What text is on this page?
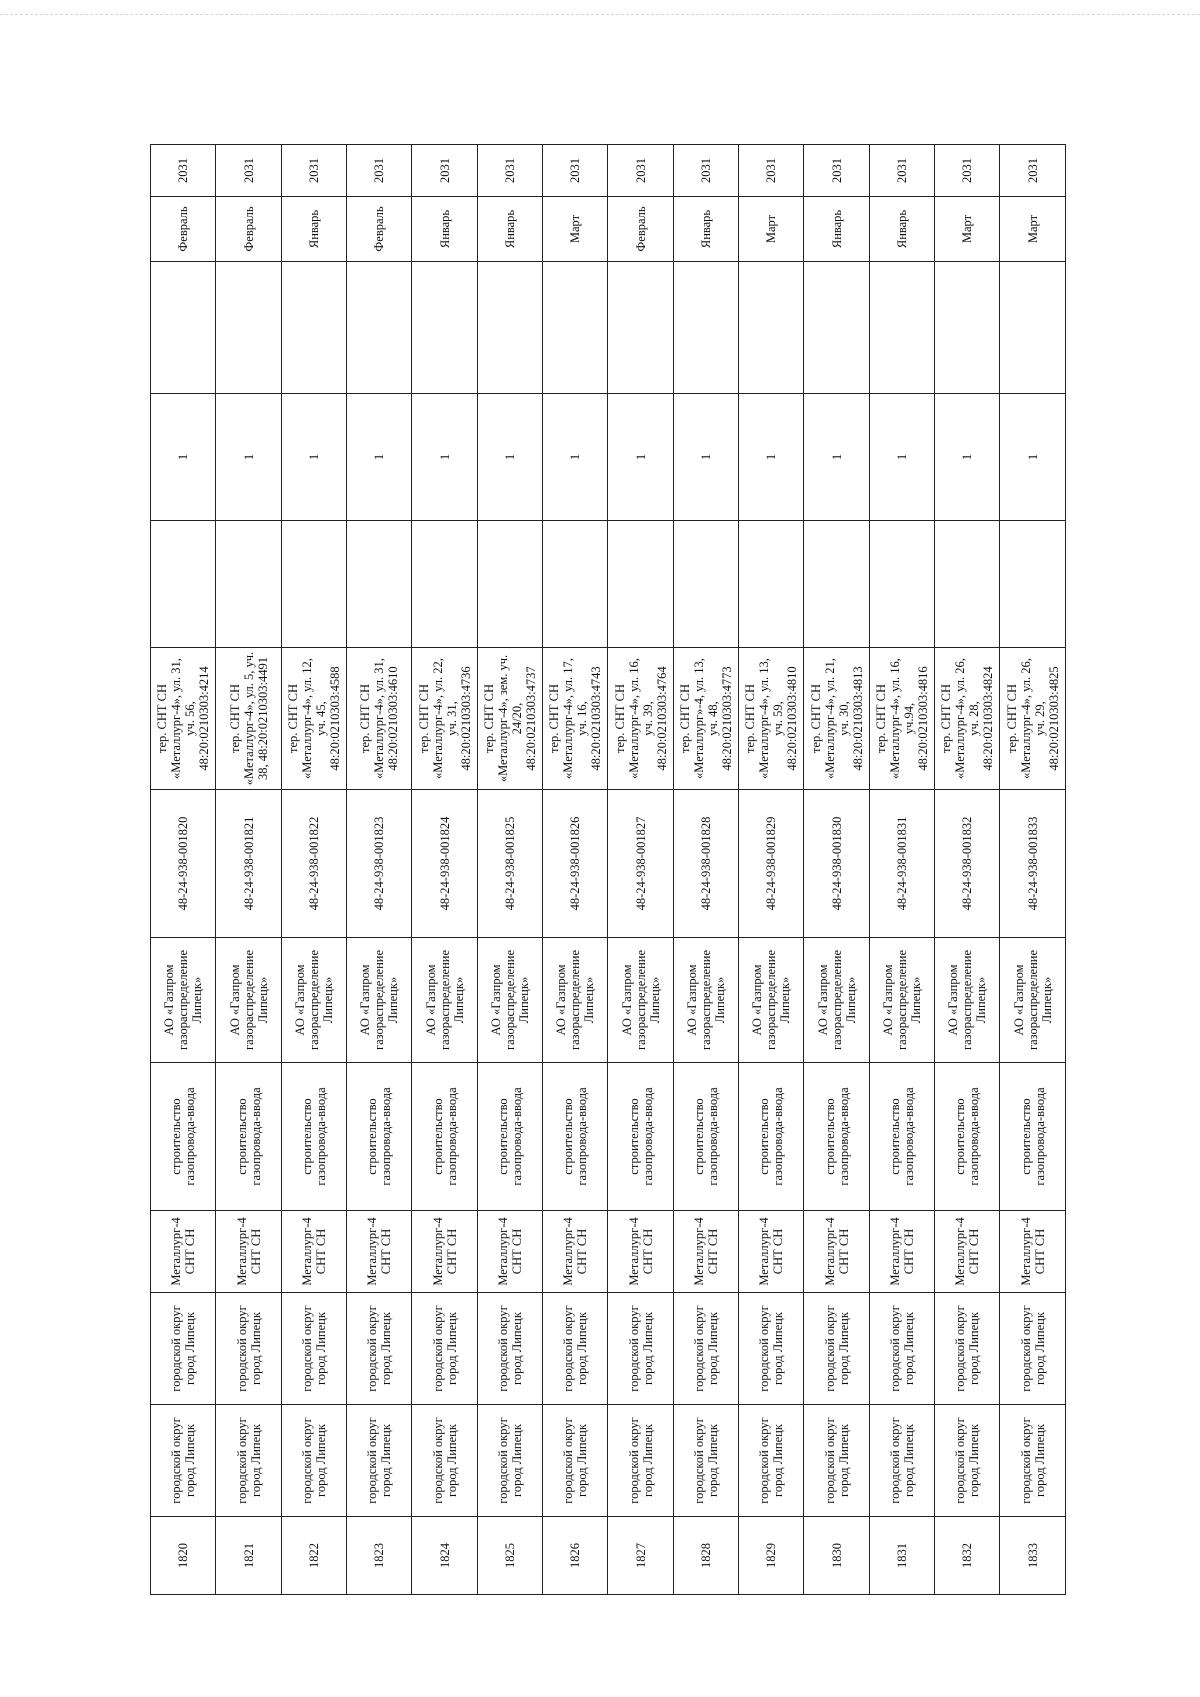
1820	городской округ город Липецк	городской округ город Липецк	Металлург-4 СНТ СН	строительство газопровода-ввода	АО «Газпром газораспределение Липецк»	48-24-938-001820	тер. СНТ СН «Металлург-4», ул. 31, уч. 56, 48:20:0210303:4214		1		Февраль	2031
1821	городской округ город Липецк	городской округ город Липецк	Металлург-4 СНТ СН	строительство газопровода-ввода	АО «Газпром газораспределение Липецк»	48-24-938-001821	тер. СНТ СН «Металлург-4», ул. 5, уч. 38, 48:20:0210303:4491		1		Февраль	2031
1822	городской округ город Липецк	городской округ город Липецк	Металлург-4 СНТ СН	строительство газопровода-ввода	АО «Газпром газораспределение Липецк»	48-24-938-001822	тер. СНТ СН «Металлург-4», ул. 12, уч. 45, 48:20:0210303:4588		1		Январь	2031
1823	городской округ город Липецк	городской округ город Липецк	Металлург-4 СНТ СН	строительство газопровода-ввода	АО «Газпром газораспределение Липецк»	48-24-938-001823	тер. СНТ СН «Металлург-4», ул. 31, 48:20:0210303:4610		1		Февраль	2031
1824	городской округ город Липецк	городской округ город Липецк	Металлург-4 СНТ СН	строительство газопровода-ввода	АО «Газпром газораспределение Липецк»	48-24-938-001824	тер. СНТ СН «Металлург-4», ул. 22, уч. 31, 48:20:0210303:4736		1		Январь	2031
1825	городской округ город Липецк	городской округ город Липецк	Металлург-4 СНТ СН	строительство газопровода-ввода	АО «Газпром газораспределение Липецк»	48-24-938-001825	тер. СНТ СН «Металлург-4», зем. уч. 24/20, 48:20:0210303:4737		1		Январь	2031
1826	городской округ город Липецк	городской округ город Липецк	Металлург-4 СНТ СН	строительство газопровода-ввода	АО «Газпром газораспределение Липецк»	48-24-938-001826	тер. СНТ СН «Металлург-4», ул. 17, уч. 16, 48:20:0210303:4743		1		Март	2031
1827	городской округ город Липецк	городской округ город Липецк	Металлург-4 СНТ СН	строительство газопровода-ввода	АО «Газпром газораспределение Липецк»	48-24-938-001827	тер. СНТ СН «Металлург-4», ул. 16, уч. 39, 48:20:0210303:4764		1		Февраль	2031
1828	городской округ город Липецк	городской округ город Липецк	Металлург-4 СНТ СН	строительство газопровода-ввода	АО «Газпром газораспределение Липецк»	48-24-938-001828	тер. СНТ СН «Металлург»-4, ул. 13, уч. 48, 48:20:0210303:4773		1		Январь	2031
1829	городской округ город Липецк	городской округ город Липецк	Металлург-4 СНТ СН	строительство газопровода-ввода	АО «Газпром газораспределение Липецк»	48-24-938-001829	тер. СНТ СН «Металлург-4», ул. 13, уч. 59, 48:20:0210303:4810		1		Март	2031
1830	городской округ город Липецк	городской округ город Липецк	Металлург-4 СНТ СН	строительство газопровода-ввода	АО «Газпром газораспределение Липецк»	48-24-938-001830	тер. СНТ СН «Металлург-4», ул. 21, уч. 30, 48:20:0210303:4813		1		Январь	2031
1831	городской округ город Липецк	городской округ город Липецк	Металлург-4 СНТ СН	строительство газопровода-ввода	АО «Газпром газораспределение Липецк»	48-24-938-001831	тер. СНТ СН «Металлург-4», ул. 16, уч.94, 48:20:0210303:4816		1		Январь	2031
1832	городской округ город Липецк	городской округ город Липецк	Металлург-4 СНТ СН	строительство газопровода-ввода	АО «Газпром газораспределение Липецк»	48-24-938-001832	тер. СНТ СН «Металлург-4», ул. 26, уч. 28, 48:20:0210303:4824		1		Март	2031
1833	городской округ город Липецк	городской округ город Липецк	Металлург-4 СНТ СН	строительство газопровода-ввода	АО «Газпром газораспределение Липецк»	48-24-938-001833	тер. СНТ СН «Металлург-4», ул. 26, уч. 29, 48:20:0210303:4825		1		Март	2031
